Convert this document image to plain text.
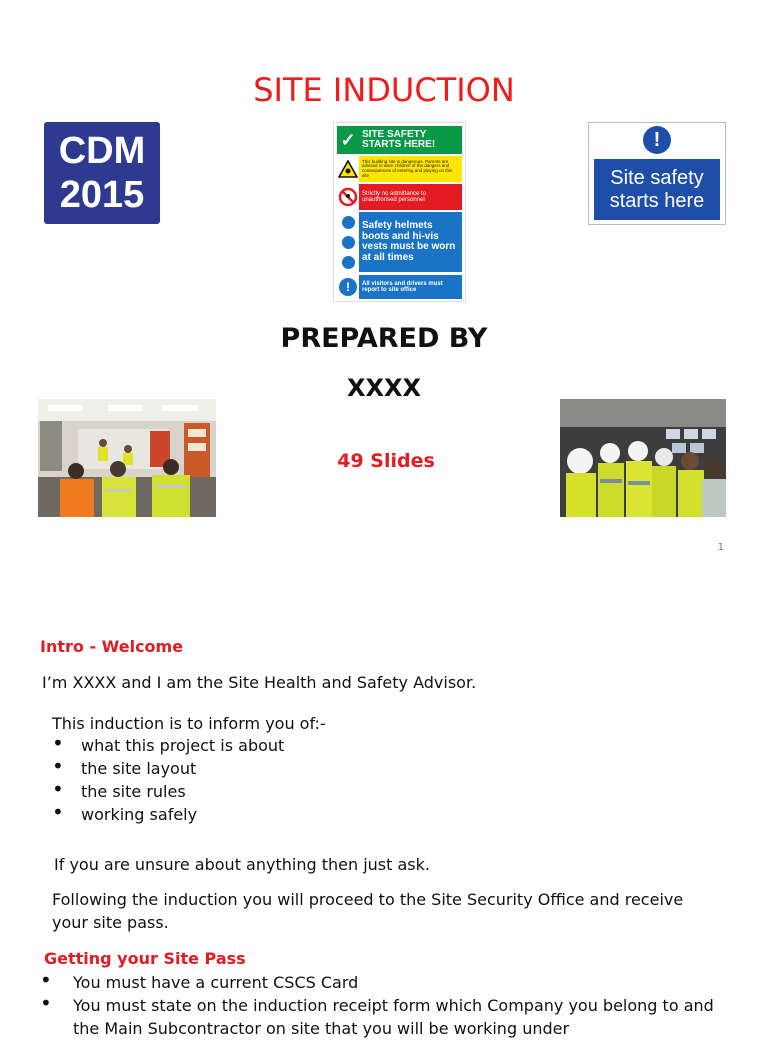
SITE INDUCTION
CDM
2015
✓ SITE SAFETY STARTS HERE!
This building site is dangerous. Parents are advised to warn children of the dangers and consequences of entering and playing on this site
Strictly no admittance to unauthorised personnel
Safety helmets boots and hi-vis vests must be worn at all times
!	All visitors and drivers must report to site office
!
Site safety starts here
PREPARED BY
XXXX
49 Slides
1
Intro - Welcome
I’m XXXX and I am the Site Health and Safety Advisor.
This induction is to inform you of:-
• what this project is about
• the site layout
• the site rules
• working safely
If you are unsure about anything then just ask.
Following the induction you will proceed to the Site Security Office and receive your site pass.
Getting your Site Pass
• You must have a current CSCS Card
• You must state on the induction receipt form which Company you belong to and the Main Subcontractor on site that you will be working under
